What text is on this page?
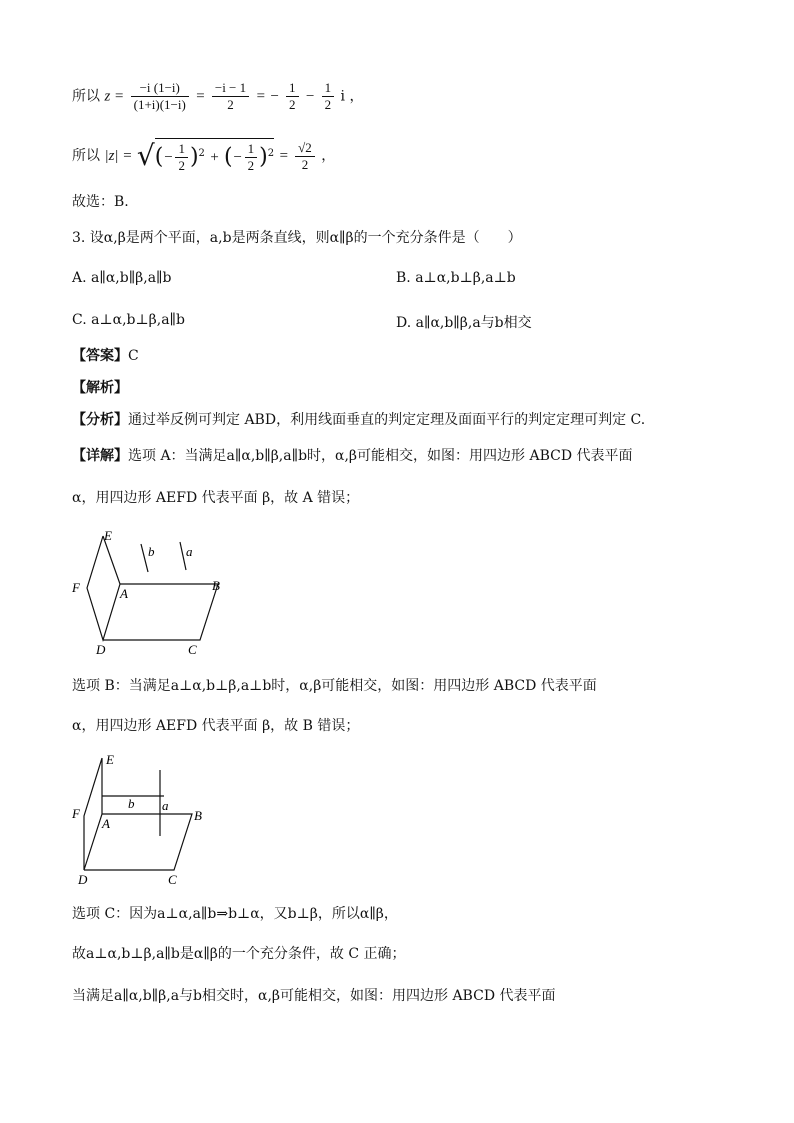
所以 $z = \frac{-i (1-i)}{(1+i)(1-i)} = \frac{-i - 1}{2}$ = − $\frac{1}{2} - \frac{1}{2}$ i ，
所以 |z| = √(− $\frac{1}{2} )^2$ + (− $\frac{1}{2} )^2 = \frac{√2}{2}$ ，
故选：B.
3. 设α,β是两个平面，a,b是两条直线，则α∥β的一个充分条件是（　　）
A. a∥α,b∥β,a∥b	B. a⊥α,b⊥β,a⊥b
C. a⊥α,b⊥β,a∥b	D. a∥α,b∥β,a与b相交
【答案】C
【解析】
【分析】通过举反例可判定 ABD，利用线面垂直的判定定理及面面平行的判定定理可判定 C.
【详解】选项 A：当满足a∥α,b∥β,a∥b时，α,β可能相交，如图：用四边形 ABCD 代表平面
α，用四边形 AEFD 代表平面 β，故 A 错误；
E
F	A
B
C
D
b a
选项 B：当满足a⊥α,b⊥β,a⊥b时，α,β可能相交，如图：用四边形 ABCD 代表平面
α，用四边形 AEFD 代表平面 β，故 B 错误；
E
F
A
B
C
D
b a
选项 C：因为a⊥α,a∥b⇒b⊥α，又b⊥β，所以α∥β，
故a⊥α,b⊥β,a∥b是α∥β的一个充分条件，故 C 正确；
当满足a∥α,b∥β,a与b相交时，α,β可能相交，如图：用四边形 ABCD 代表平面
